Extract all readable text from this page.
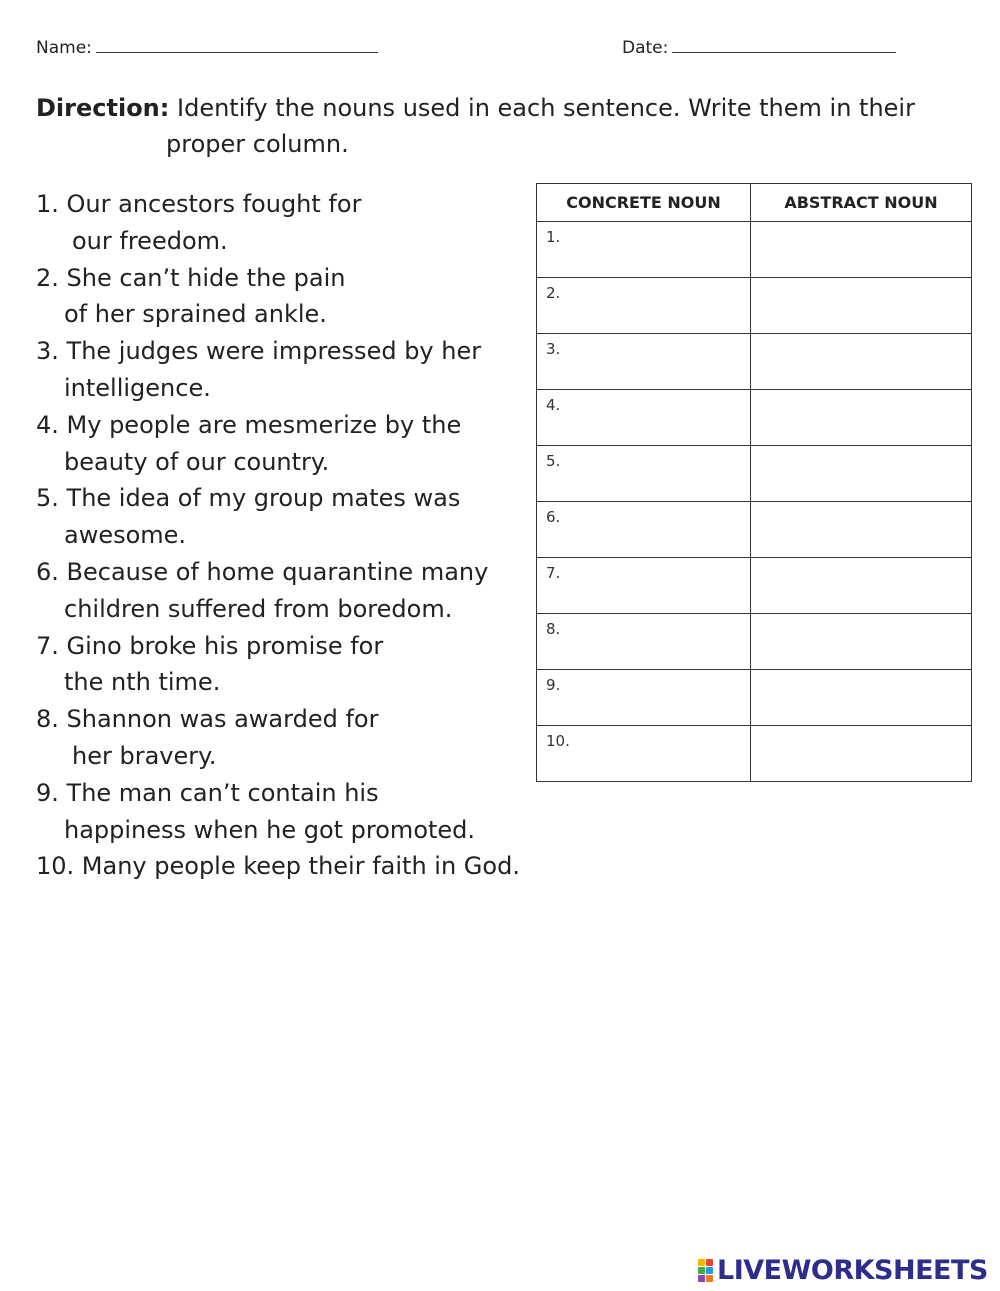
Name:	Date:
Direction: Identify the nouns used in each sentence. Write them in their
proper column.
1. Our ancestors fought for
our freedom.
2. She can’t hide the pain
of her sprained ankle.
3. The judges were impressed by her
intelligence.
4. My people are mesmerize by the
beauty of our country.
5. The idea of my group mates was
awesome.
6. Because of home quarantine many
children suffered from boredom.
7. Gino broke his promise for
the nth time.
8. Shannon was awarded for
her bravery.
9. The man can’t contain his
happiness when he got promoted.
10. Many people keep their faith in God.
CONCRETE NOUN	ABSTRACT NOUN
1.	
2.	
3.	
4.	
5.	
6.	
7.	
8.	
9.	
10.	
LIVEWORKSHEETS
